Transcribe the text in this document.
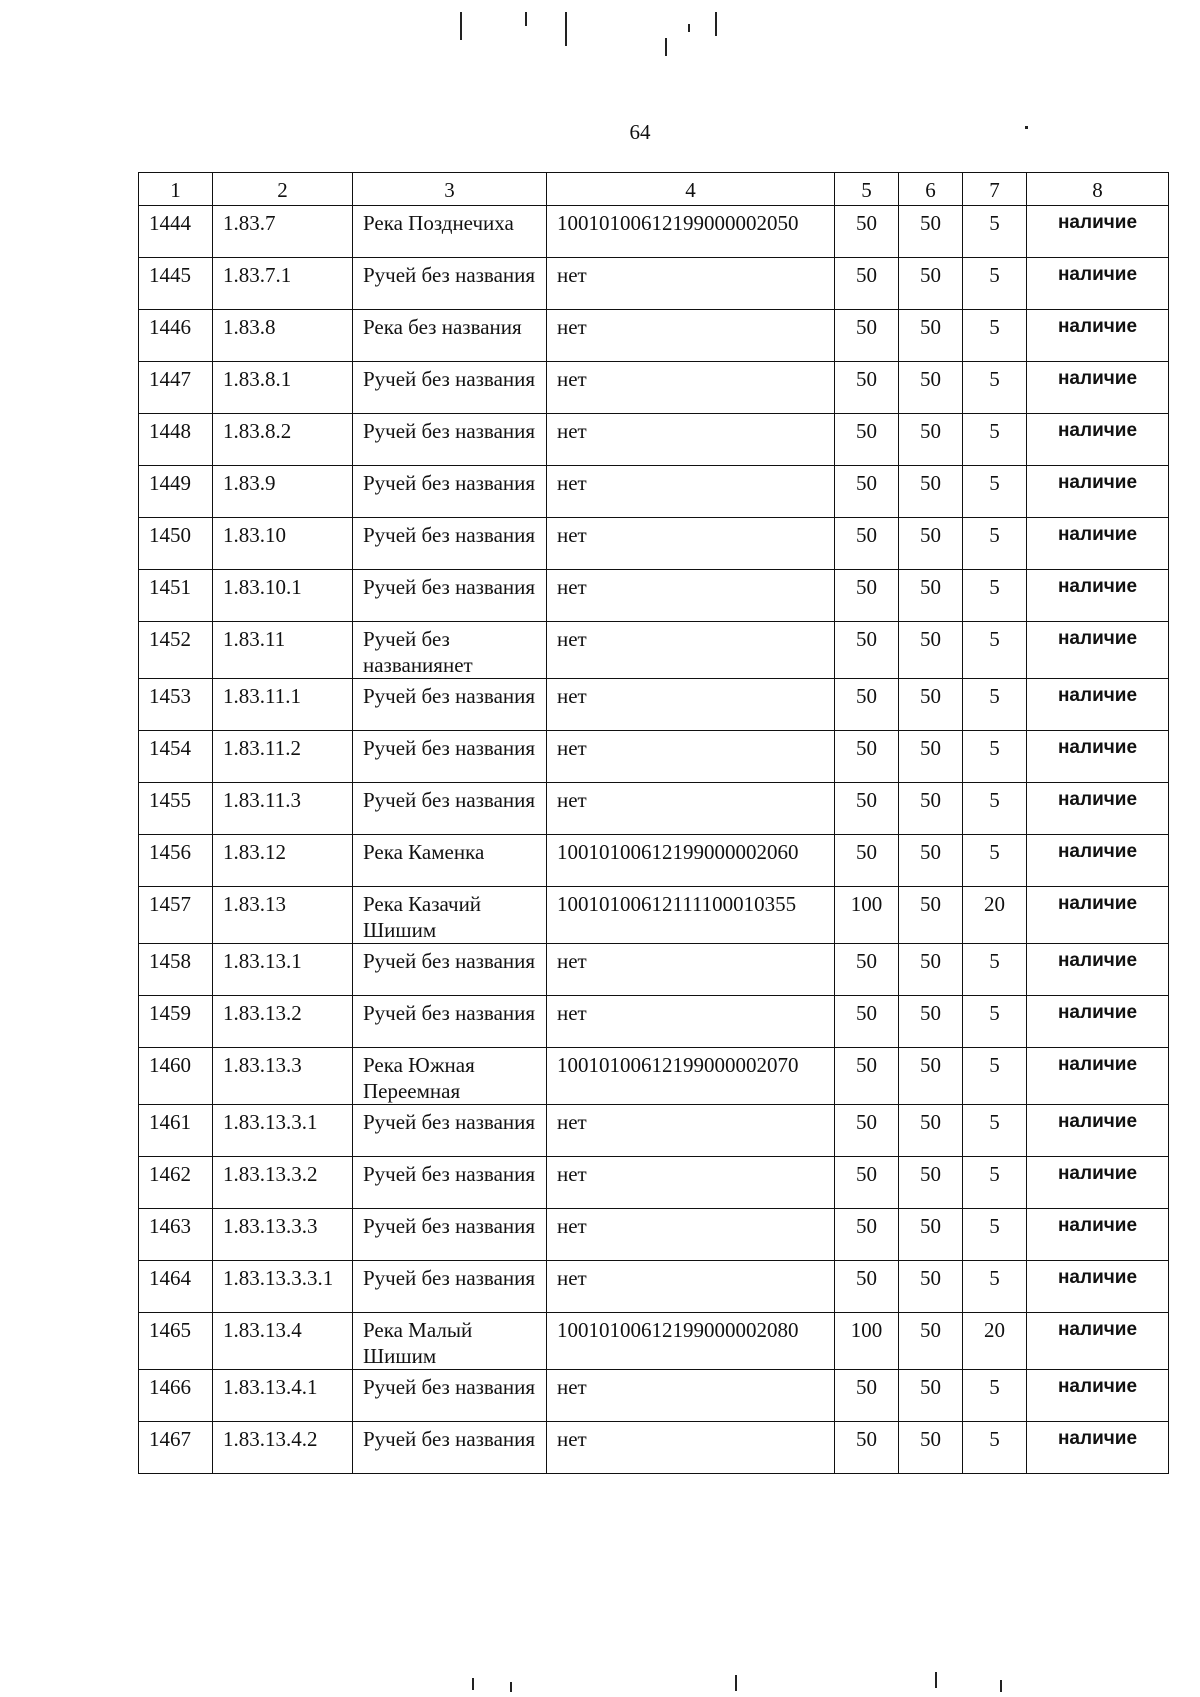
64
1	2	3	4	5	6	7	8
1444	1.83.7	Река Позднечиха	10010100612199000002050	50	50	5	наличие
1445	1.83.7.1	Ручей без названия	нет	50	50	5	наличие
1446	1.83.8	Река без названия	нет	50	50	5	наличие
1447	1.83.8.1	Ручей без названия	нет	50	50	5	наличие
1448	1.83.8.2	Ручей без названия	нет	50	50	5	наличие
1449	1.83.9	Ручей без названия	нет	50	50	5	наличие
1450	1.83.10	Ручей без названия	нет	50	50	5	наличие
1451	1.83.10.1	Ручей без названия	нет	50	50	5	наличие
1452	1.83.11	Ручей без названиянет	нет	50	50	5	наличие
1453	1.83.11.1	Ручей без названия	нет	50	50	5	наличие
1454	1.83.11.2	Ручей без названия	нет	50	50	5	наличие
1455	1.83.11.3	Ручей без названия	нет	50	50	5	наличие
1456	1.83.12	Река Каменка	10010100612199000002060	50	50	5	наличие
1457	1.83.13	Река Казачий Шишим	10010100612111100010355	100	50	20	наличие
1458	1.83.13.1	Ручей без названия	нет	50	50	5	наличие
1459	1.83.13.2	Ручей без названия	нет	50	50	5	наличие
1460	1.83.13.3	Река Южная Переемная	10010100612199000002070	50	50	5	наличие
1461	1.83.13.3.1	Ручей без названия	нет	50	50	5	наличие
1462	1.83.13.3.2	Ручей без названия	нет	50	50	5	наличие
1463	1.83.13.3.3	Ручей без названия	нет	50	50	5	наличие
1464	1.83.13.3.3.1	Ручей без названия	нет	50	50	5	наличие
1465	1.83.13.4	Река Малый Шишим	10010100612199000002080	100	50	20	наличие
1466	1.83.13.4.1	Ручей без названия	нет	50	50	5	наличие
1467	1.83.13.4.2	Ручей без названия	нет	50	50	5	наличие
